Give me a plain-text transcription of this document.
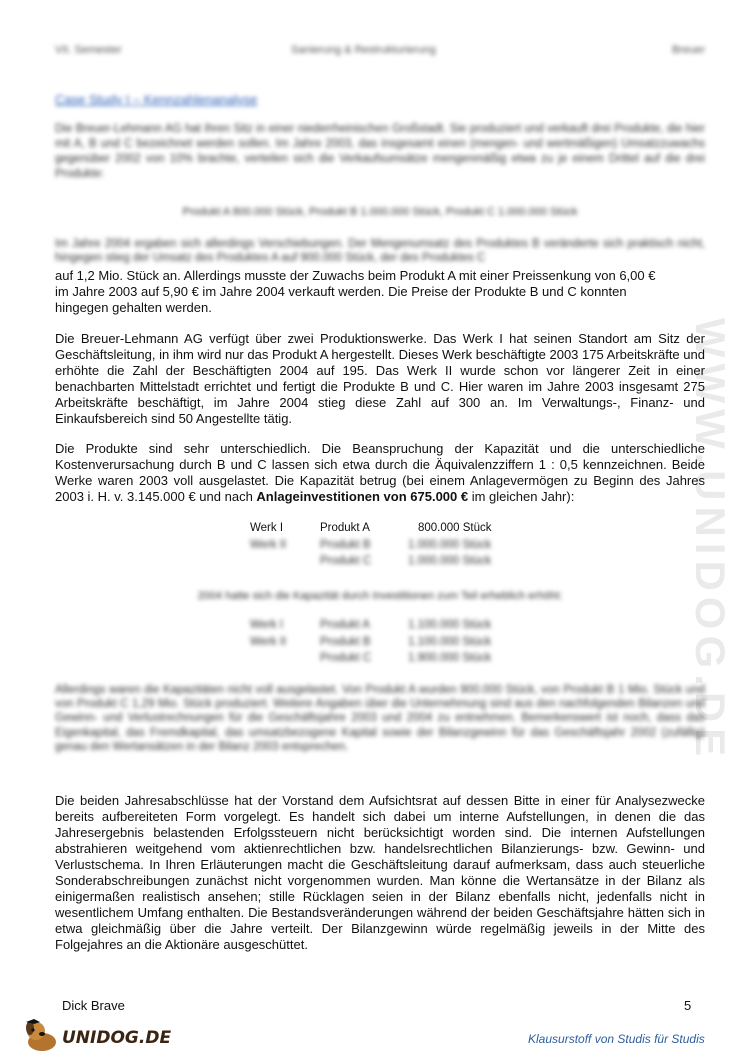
VII. Semester	Sanierung & Restrukturierung	Breuer
Case Study I – Kennzahlenanalyse
Die Breuer-Lehmann AG hat ihren Sitz in einer niederrheinischen Großstadt. Sie produziert und verkauft drei Produkte, die hier mit A, B und C bezeichnet werden sollen. Im Jahre 2003, das insgesamt einen (mengen- und wertmäßigen) Umsatzzuwachs gegenüber 2002 von 10% brachte, verteilen sich die Verkaufsumsätze mengenmäßig etwa zu je einem Drittel auf die drei Produkte:
Produkt A 800.000 Stück, Produkt B 1.000.000 Stück, Produkt C 1.000.000 Stück
Im Jahre 2004 ergaben sich allerdings Verschiebungen. Der Mengenumsatz des Produktes B veränderte sich praktisch nicht, hingegen stieg der Umsatz des Produktes A auf 900.000 Stück, der des Produktes C
auf 1,2 Mio. Stück an. Allerdings musste der Zuwachs beim Produkt A mit einer Preissenkung von 6,00 €
im Jahre 2003 auf 5,90 € im Jahre 2004 verkauft werden. Die Preise der Produkte B und C konnten
hingegen gehalten werden.
Die Breuer-Lehmann AG verfügt über zwei Produktionswerke. Das Werk I hat seinen Standort am Sitz der Geschäftsleitung, in ihm wird nur das Produkt A hergestellt. Dieses Werk beschäftigte 2003 175 Arbeitskräfte und erhöhte die Zahl der Beschäftigten 2004 auf 195. Das Werk II wurde schon vor längerer Zeit in einer benachbarten Mittelstadt errichtet und fertigt die Produkte B und C. Hier waren im Jahre 2003 insgesamt 275 Arbeitskräfte beschäftigt, im Jahre 2004 stieg diese Zahl auf 300 an. Im Verwaltungs-, Finanz- und Einkaufsbereich sind 50 Angestellte tätig.
Die Produkte sind sehr unterschiedlich. Die Beanspruchung der Kapazität und die unterschiedliche Kostenverursachung durch B und C lassen sich etwa durch die Äquivalenzziffern 1 : 0,5 kennzeichnen. Beide Werke waren 2003 voll ausgelastet. Die Kapazität betrug (bei einem Anlagevermögen zu Beginn des Jahres 2003 i. H. v. 3.145.000 € und nach Anlageinvestitionen von 675.000 € im gleichen Jahr):
Werk I	Produkt A	800.000 Stück
Werk II	Produkt B	1.000.000 Stück
Produkt C	1.000.000 Stück
2004 hatte sich die Kapazität durch Investitionen zum Teil erheblich erhöht:
Werk I	Produkt A	1.100.000 Stück
Werk II	Produkt B	1.100.000 Stück
Produkt C	1.900.000 Stück
Allerdings waren die Kapazitäten nicht voll ausgelastet. Von Produkt A wurden 900.000 Stück, von Produkt B 1 Mio. Stück und von Produkt C 1,29 Mio. Stück produziert. Weitere Angaben über die Unternehmung sind aus den nachfolgenden Bilanzen und Gewinn- und Verlustrechnungen für die Geschäftsjahre 2003 und 2004 zu entnehmen. Bemerkenswert ist noch, dass das Eigenkapital, das Fremdkapital, das umsatzbezogene Kapital sowie der Bilanzgewinn für das Geschäftsjahr 2002 (zufällig) genau den Wertansätzen in der Bilanz 2003 entsprechen.
Die beiden Jahresabschlüsse hat der Vorstand dem Aufsichtsrat auf dessen Bitte in einer für Analysezwecke bereits aufbereiteten Form vorgelegt. Es handelt sich dabei um interne Aufstellungen, in denen die das Jahresergebnis belastenden Erfolgssteuern nicht berücksichtigt worden sind. Die internen Aufstellungen abstrahieren weitgehend vom aktienrechtlichen bzw. handelsrechtlichen Bilanzierungs- bzw. Gewinn- und Verlustschema. In Ihren Erläuterungen macht die Geschäftsleitung darauf aufmerksam, dass auch steuerliche Sonderabschreibungen zunächst nicht vorgenommen wurden. Man könne die Wertansätze in der Bilanz als einigermaßen realistisch ansehen; stille Rücklagen seien in der Bilanz ebenfalls nicht, jedenfalls nicht in wesentlichem Umfang enthalten. Die Bestandsveränderungen während der beiden Geschäftsjahre hätten sich in etwa gleichmäßig über die Jahre verteilt. Der Bilanzgewinn würde regelmäßig jeweils in der Mitte des Folgejahres an die Aktionäre ausgeschüttet.
WWW.UNIDOG.DE
Dick Brave	5
UNIDOG.DE	Klausurstoff von Studis für Studis
